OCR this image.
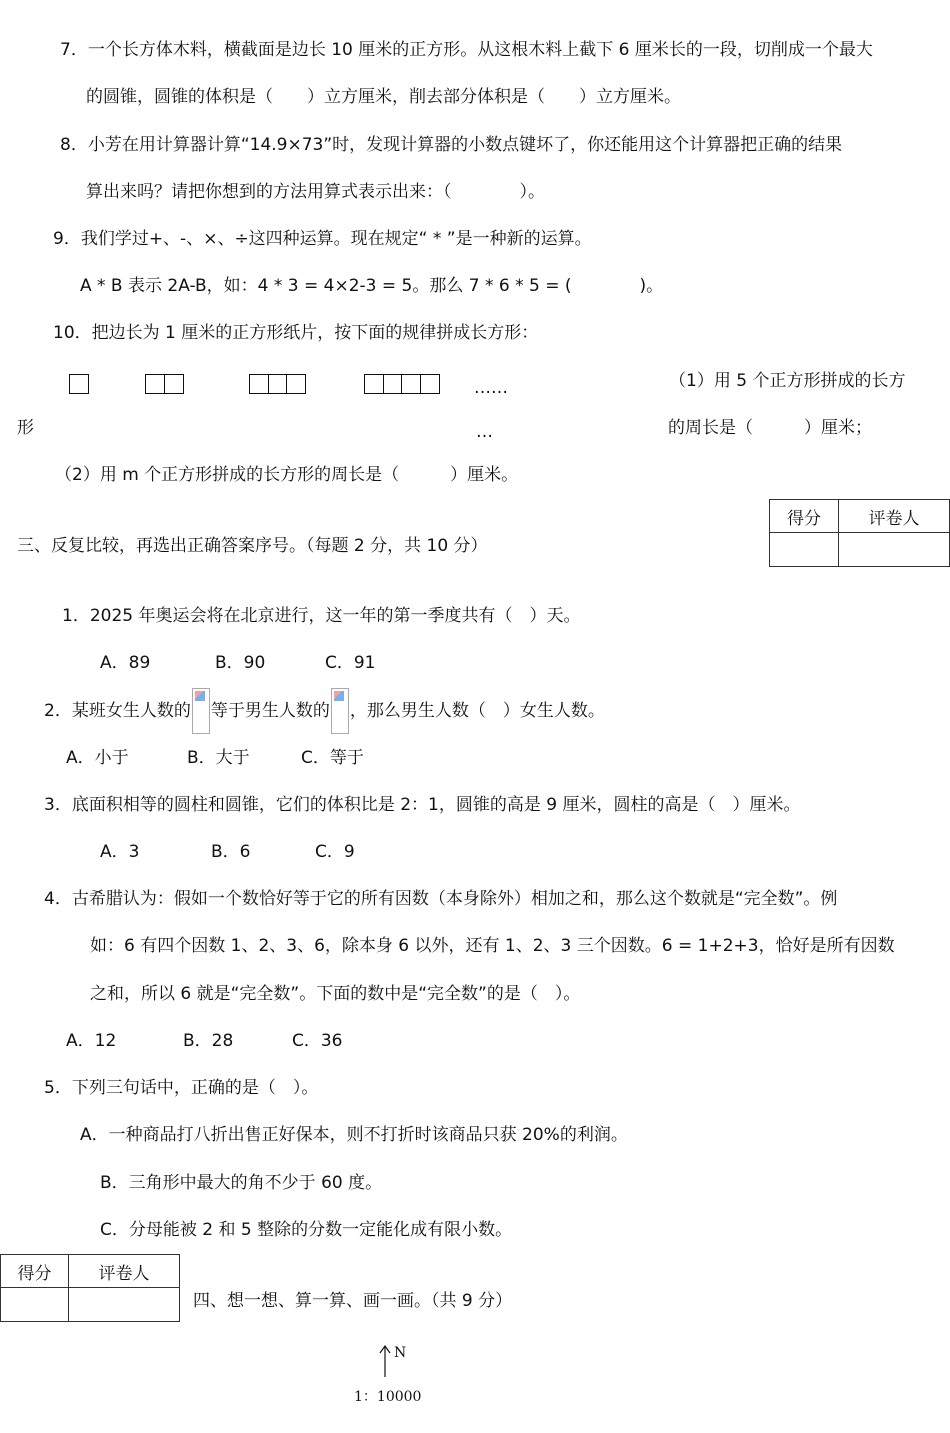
7．一个长方体木料，横截面是边长 10 厘米的正方形。从这根木料上截下 6 厘米长的一段，切削成一个最大
的圆锥，圆锥的体积是（　　）立方厘米，削去部分体积是（　　）立方厘米。
8．小芳在用计算器计算“14.9×73”时，发现计算器的小数点键坏了，你还能用这个计算器把正确的结果
算出来吗？请把你想到的方法用算式表示出来：（　　　　）。
9．我们学过+、-、×、÷这四种运算。现在规定“ * ”是一种新的运算。
A * B 表示 2A-B，如：4 * 3 = 4×2-3 = 5。那么 7 * 6 * 5 = (　　　　)。
10．把边长为 1 厘米的正方形纸片，按下面的规律拼成长方形：
……	（1）用 5 个正方形拼成的长方
形	…	的周长是（　　　）厘米；
（2）用 m 个正方形拼成的长方形的周长是（　　　）厘米。
得分	评卷人

三、反复比较，再选出正确答案序号。（每题 2 分，共 10 分）
1．2025 年奥运会将在北京进行，这一年的第一季度共有（　）天。
A．89	B．90	C．91
2．某班女生人数的 等于男生人数的 ，那么男生人数（　）女生人数。
A．小于	B．大于	C．等于
3．底面积相等的圆柱和圆锥，它们的体积比是 2：1，圆锥的高是 9 厘米，圆柱的高是（　）厘米。
A．3	B．6	C．9
4．古希腊认为：假如一个数恰好等于它的所有因数（本身除外）相加之和，那么这个数就是“完全数”。例
如：6 有四个因数 1、2、3、6，除本身 6 以外，还有 1、2、3 三个因数。6 = 1+2+3，恰好是所有因数
之和，所以 6 就是“完全数”。下面的数中是“完全数”的是（　）。
A．12	B．28	C．36
5．下列三句话中，正确的是（　）。
A．一种商品打八折出售正好保本，则不打折时该商品只获 20%的利润。
B．三角形中最大的角不少于 60 度。
C．分母能被 2 和 5 整除的分数一定能化成有限小数。
得分	评卷人

四、想一想、算一算、画一画。（共 9 分）
N
1：10000
